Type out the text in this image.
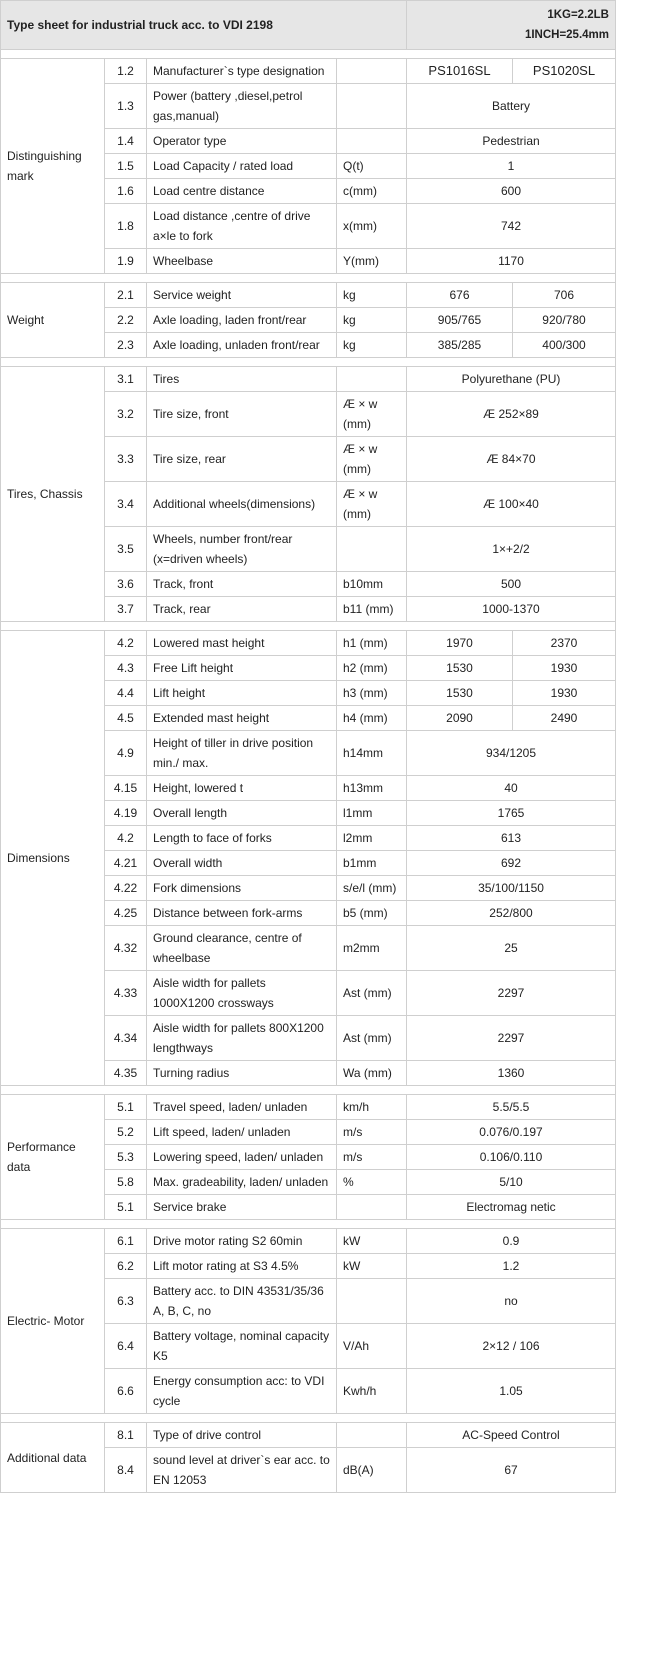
Type sheet for industrial truck acc. to VDI 2198				1KG=2.2LB
1INCH=25.4mm	

Distinguishing mark	1.2	Manufacturer`s type designation		PS1016SL	PS1020SL
	1.3	Power (battery ,diesel,petrol gas,manual)		Battery	
	1.4	Operator type		Pedestrian	
	1.5	Load Capacity / rated load	Q(t)	1	
	1.6	Load centre distance	c(mm)	600	
	1.8	Load distance ,centre of drive a×le to fork	x(mm)	742	
	1.9	Wheelbase	Y(mm)	1170	

Weight	2.1	Service weight	kg	676	706
	2.2	Axle loading, laden front/rear	kg	905/765	920/780
	2.3	Axle loading, unladen front/rear	kg	385/285	400/300

Tires, Chassis	3.1	Tires		Polyurethane (PU)	
	3.2	Tire size, front	Æ × w (mm)	Æ 252×89	
	3.3	Tire size, rear	Æ × w (mm)	Æ 84×70	
	3.4	Additional wheels(dimensions)	Æ × w (mm)	Æ 100×40	
	3.5	Wheels, number front/rear (x=driven wheels)		1×+2/2	
	3.6	Track, front	b10mm	500	
	3.7	Track, rear	b11 (mm)	1000-1370	

Dimensions	4.2	Lowered mast height	h1 (mm)	1970	2370
	4.3	Free Lift height	h2 (mm)	1530	1930
	4.4	Lift height	h3 (mm)	1530	1930
	4.5	Extended mast height	h4 (mm)	2090	2490
	4.9	Height of tiller in drive position min./ max.	h14mm	934/1205	
	4.15	Height, lowered t	h13mm	40	
	4.19	Overall length	l1mm	1765	
	4.2	Length to face of forks	l2mm	613	
	4.21	Overall width	b1mm	692	
	4.22	Fork dimensions	s/e/l (mm)	35/100/1150	
	4.25	Distance between fork-arms	b5 (mm)	252/800	
	4.32	Ground clearance, centre of wheelbase	m2mm	25	
	4.33	Aisle width for pallets 1000X1200 crossways	Ast (mm)	2297	
	4.34	Aisle width for pallets 800X1200 lengthways	Ast (mm)	2297	
	4.35	Turning radius	Wa (mm)	1360	

Performance data	5.1	Travel speed, laden/ unladen	km/h	5.5/5.5	
	5.2	Lift speed, laden/ unladen	m/s	0.076/0.197	
	5.3	Lowering speed, laden/ unladen	m/s	0.106/0.110	
	5.8	Max. gradeability, laden/ unladen	%	5/10	
	5.1	Service brake		Electromag netic	

Electric- Motor	6.1	Drive motor rating S2 60min	kW	0.9	
	6.2	Lift motor rating at S3 4.5%	kW	1.2	
	6.3	Battery acc. to DIN 43531/35/36 A, B, C, no		no	
	6.4	Battery voltage, nominal capacity K5	V/Ah	2×12 / 106	
	6.6	Energy consumption acc: to VDI cycle	Kwh/h	1.05	

Additional data	8.1	Type of drive control		AC-Speed Control	
	8.4	sound level at driver`s ear acc. to EN 12053	dB(A)	67	
